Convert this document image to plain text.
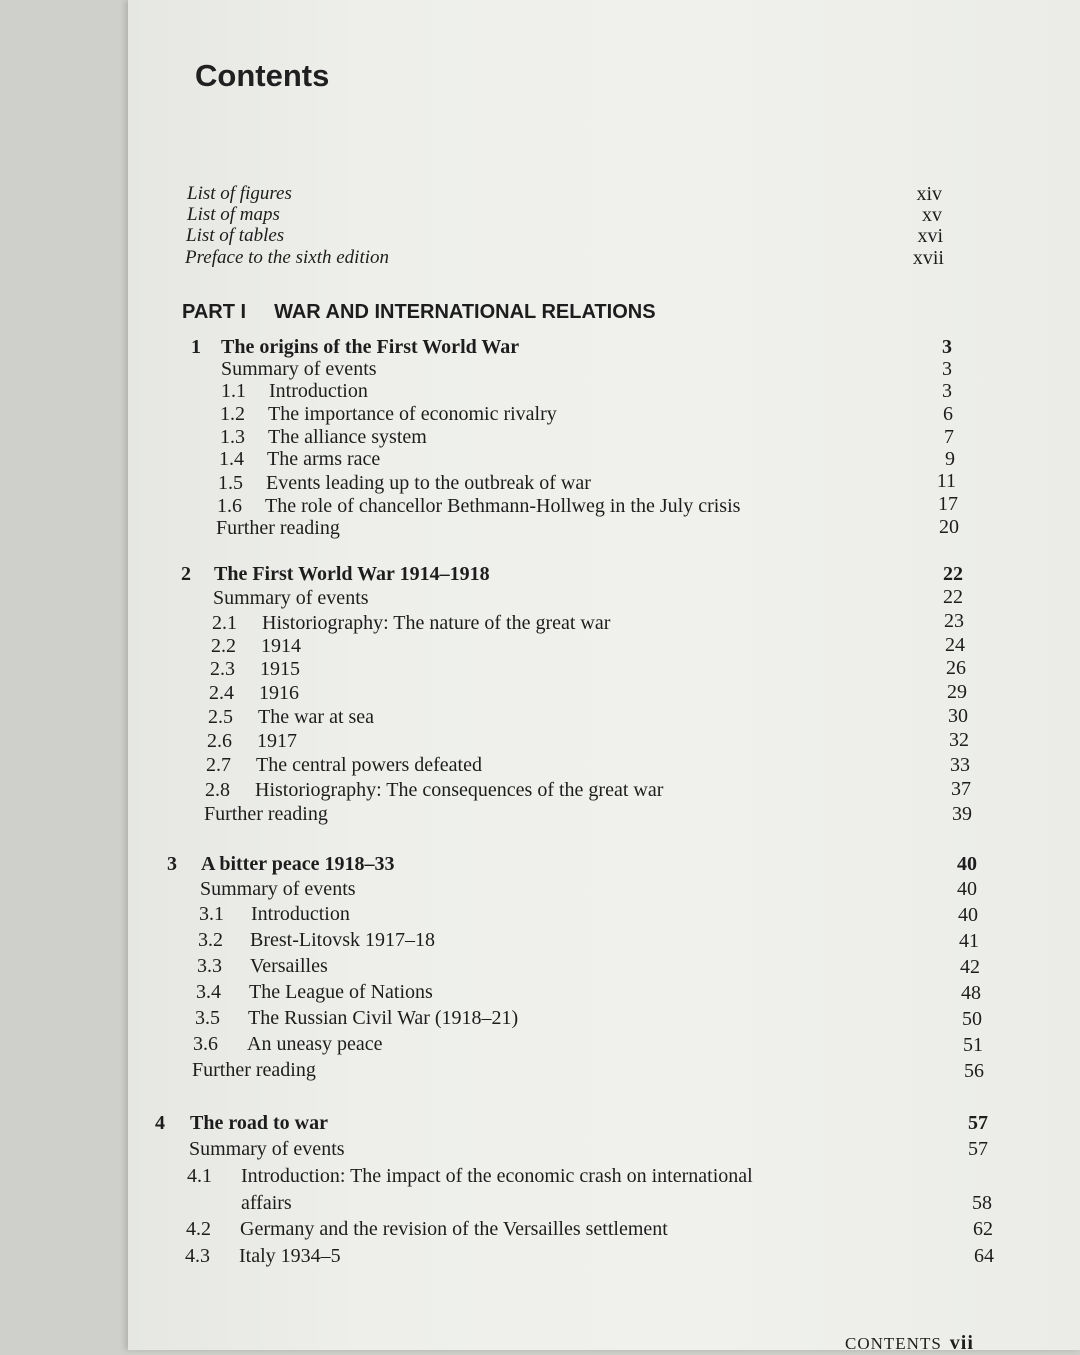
Contents
List of figures	xiv
List of maps	xv
List of tables	xvi
Preface to the sixth edition	xvii
PART I WAR AND INTERNATIONAL RELATIONS
1 The origins of the First World War	3
Summary of events	3
1.1 Introduction	3
1.2 The importance of economic rivalry	6
1.3 The alliance system	7
1.4 The arms race	9
1.5 Events leading up to the outbreak of war	11
1.6 The role of chancellor Bethmann-Hollweg in the July crisis	17
Further reading	20
2 The First World War 1914–1918	22
Summary of events	22
2.1 Historiography: The nature of the great war	23
2.2 1914	24
2.3 1915	26
2.4 1916	29
2.5 The war at sea	30
2.6 1917	32
2.7 The central powers defeated	33
2.8 Historiography: The consequences of the great war	37
Further reading	39
3 A bitter peace 1918–33	40
Summary of events	40
3.1 Introduction	40
3.2 Brest-Litovsk 1917–18	41
3.3 Versailles	42
3.4 The League of Nations	48
3.5 The Russian Civil War (1918–21)	50
3.6 An uneasy peace	51
Further reading	56
4 The road to war	57
Summary of events	57
4.1 Introduction: The impact of the economic crash on international
affairs	58
4.2 Germany and the revision of the Versailles settlement	62
4.3 Italy 1934–5	64
CONTENTS vii
